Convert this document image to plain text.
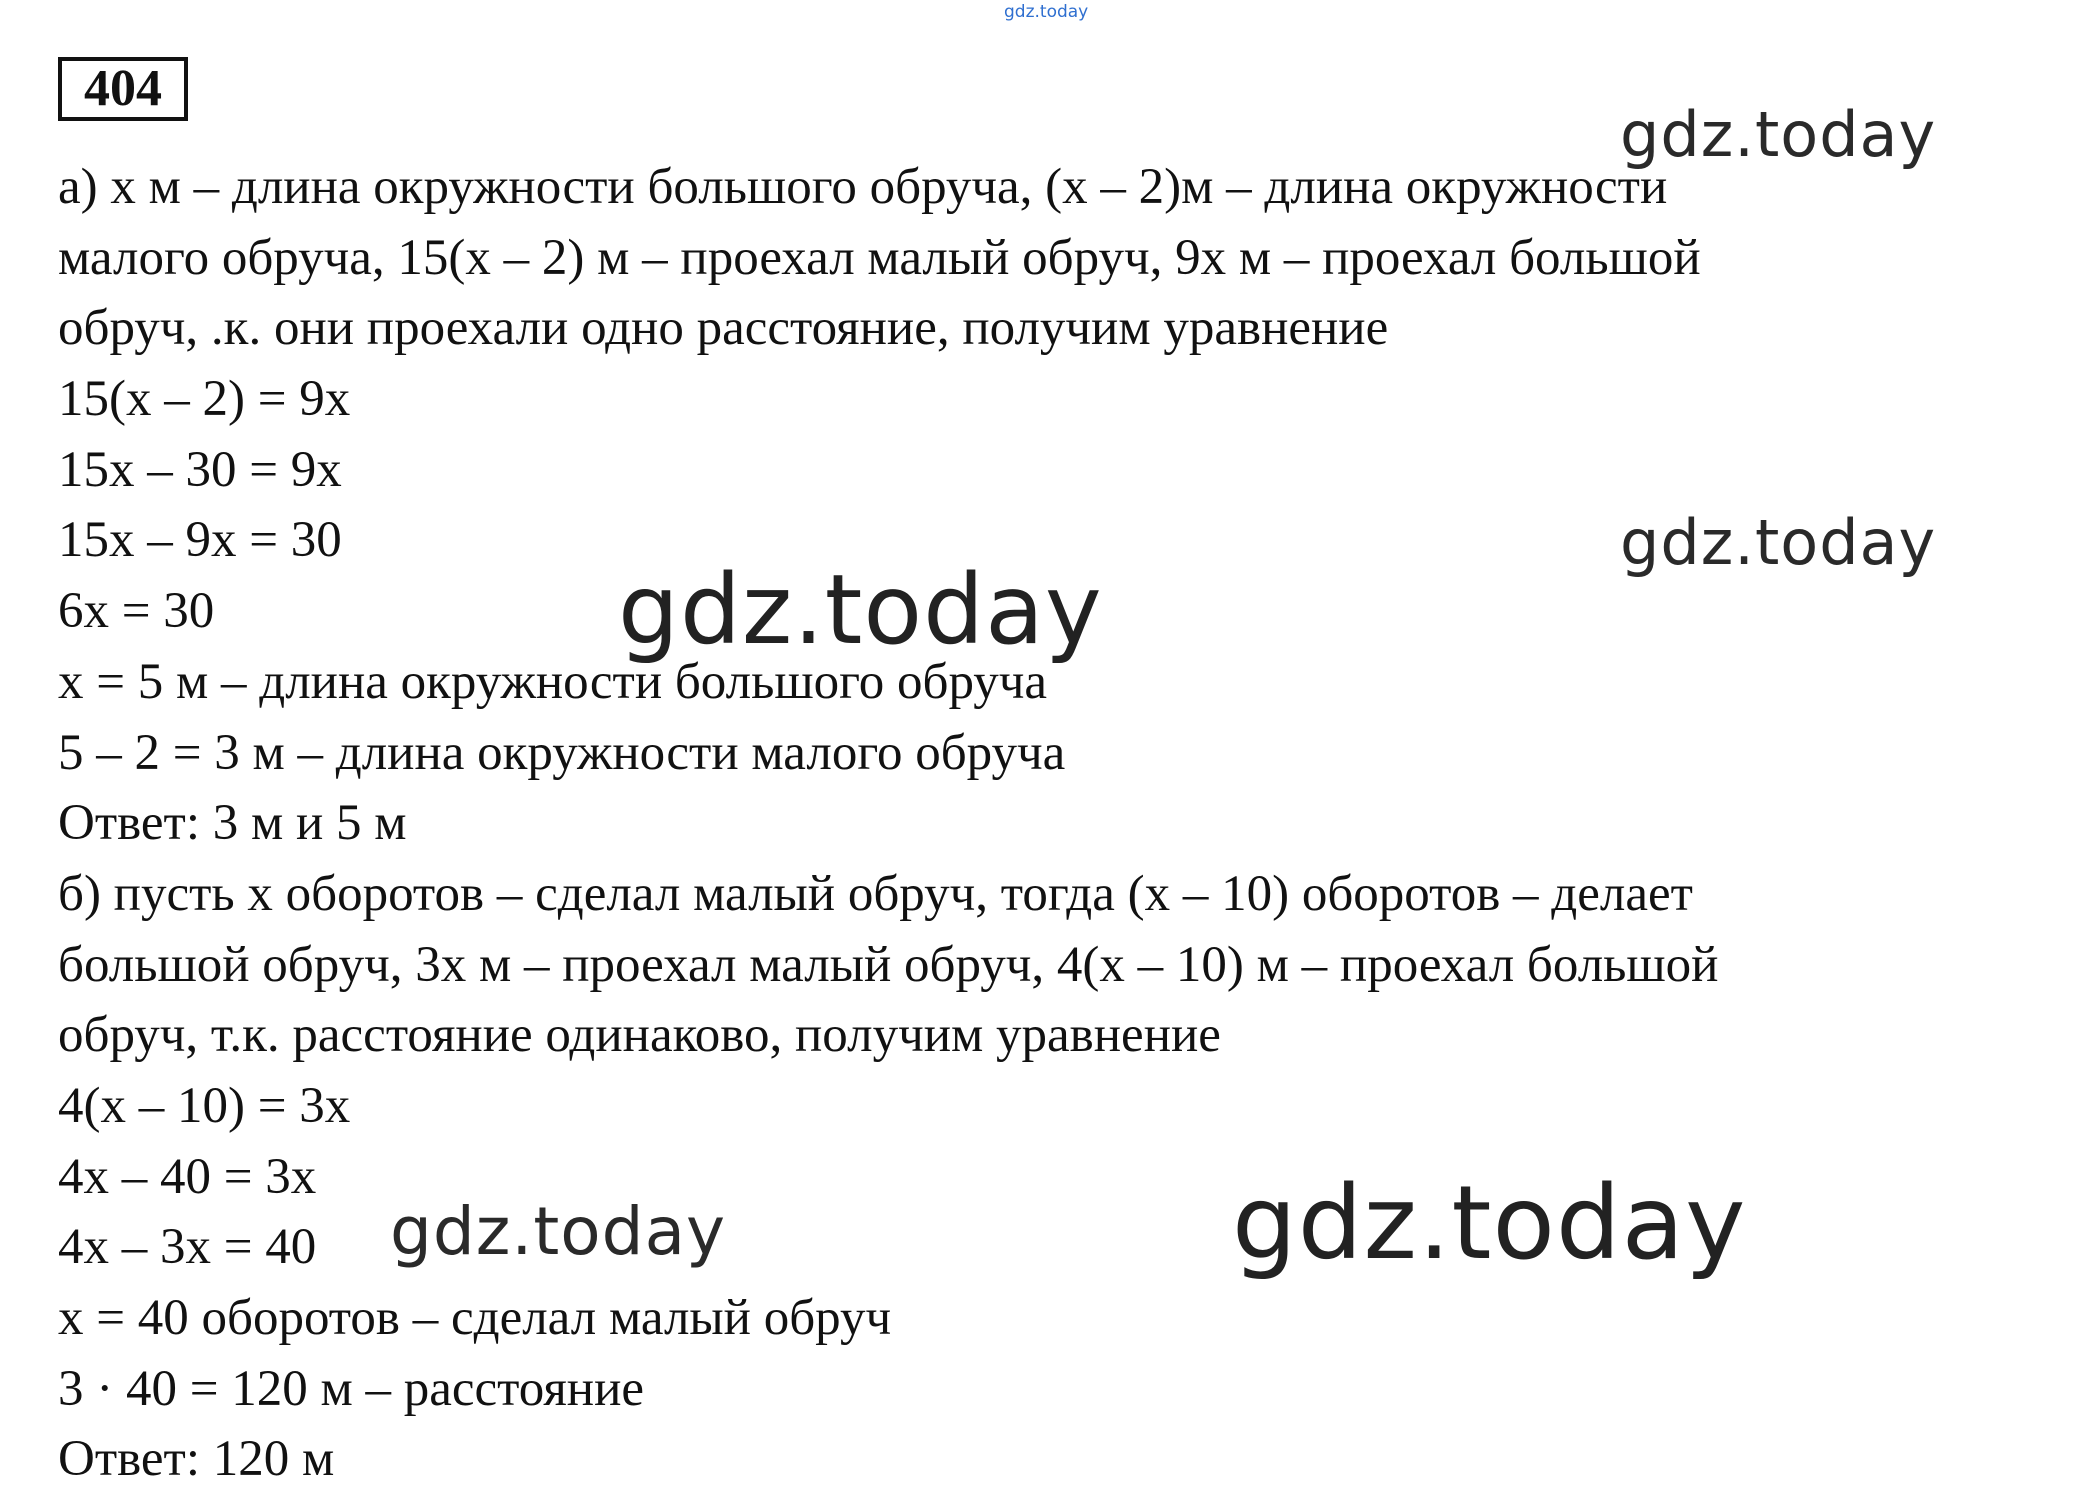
gdz.today
404
а) х м – длина окружности большого обруча, (х – 2)м – длина окружности
малого обруча, 15(х – 2) м – проехал малый обруч, 9х м – проехал большой
обруч, .к. они проехали одно расстояние, получим уравнение
15(х – 2) = 9х
15х – 30 = 9х
15х – 9х = 30
6х = 30
х = 5 м – длина окружности большого обруча
5 – 2 = 3 м – длина окружности малого обруча
Ответ: 3 м и 5 м
б) пусть х оборотов – сделал малый обруч, тогда (х – 10) оборотов – делает
большой обруч, 3х м – проехал малый обруч, 4(х – 10) м – проехал большой
обруч, т.к. расстояние одинаково, получим уравнение
4(х – 10) = 3х
4х – 40 = 3х
4х – 3х = 40
х = 40 оборотов – сделал малый обруч
3 · 40 = 120 м – расстояние
Ответ: 120 м
gdz.today
gdz.today
gdz.today
gdz.today	gdz.today
